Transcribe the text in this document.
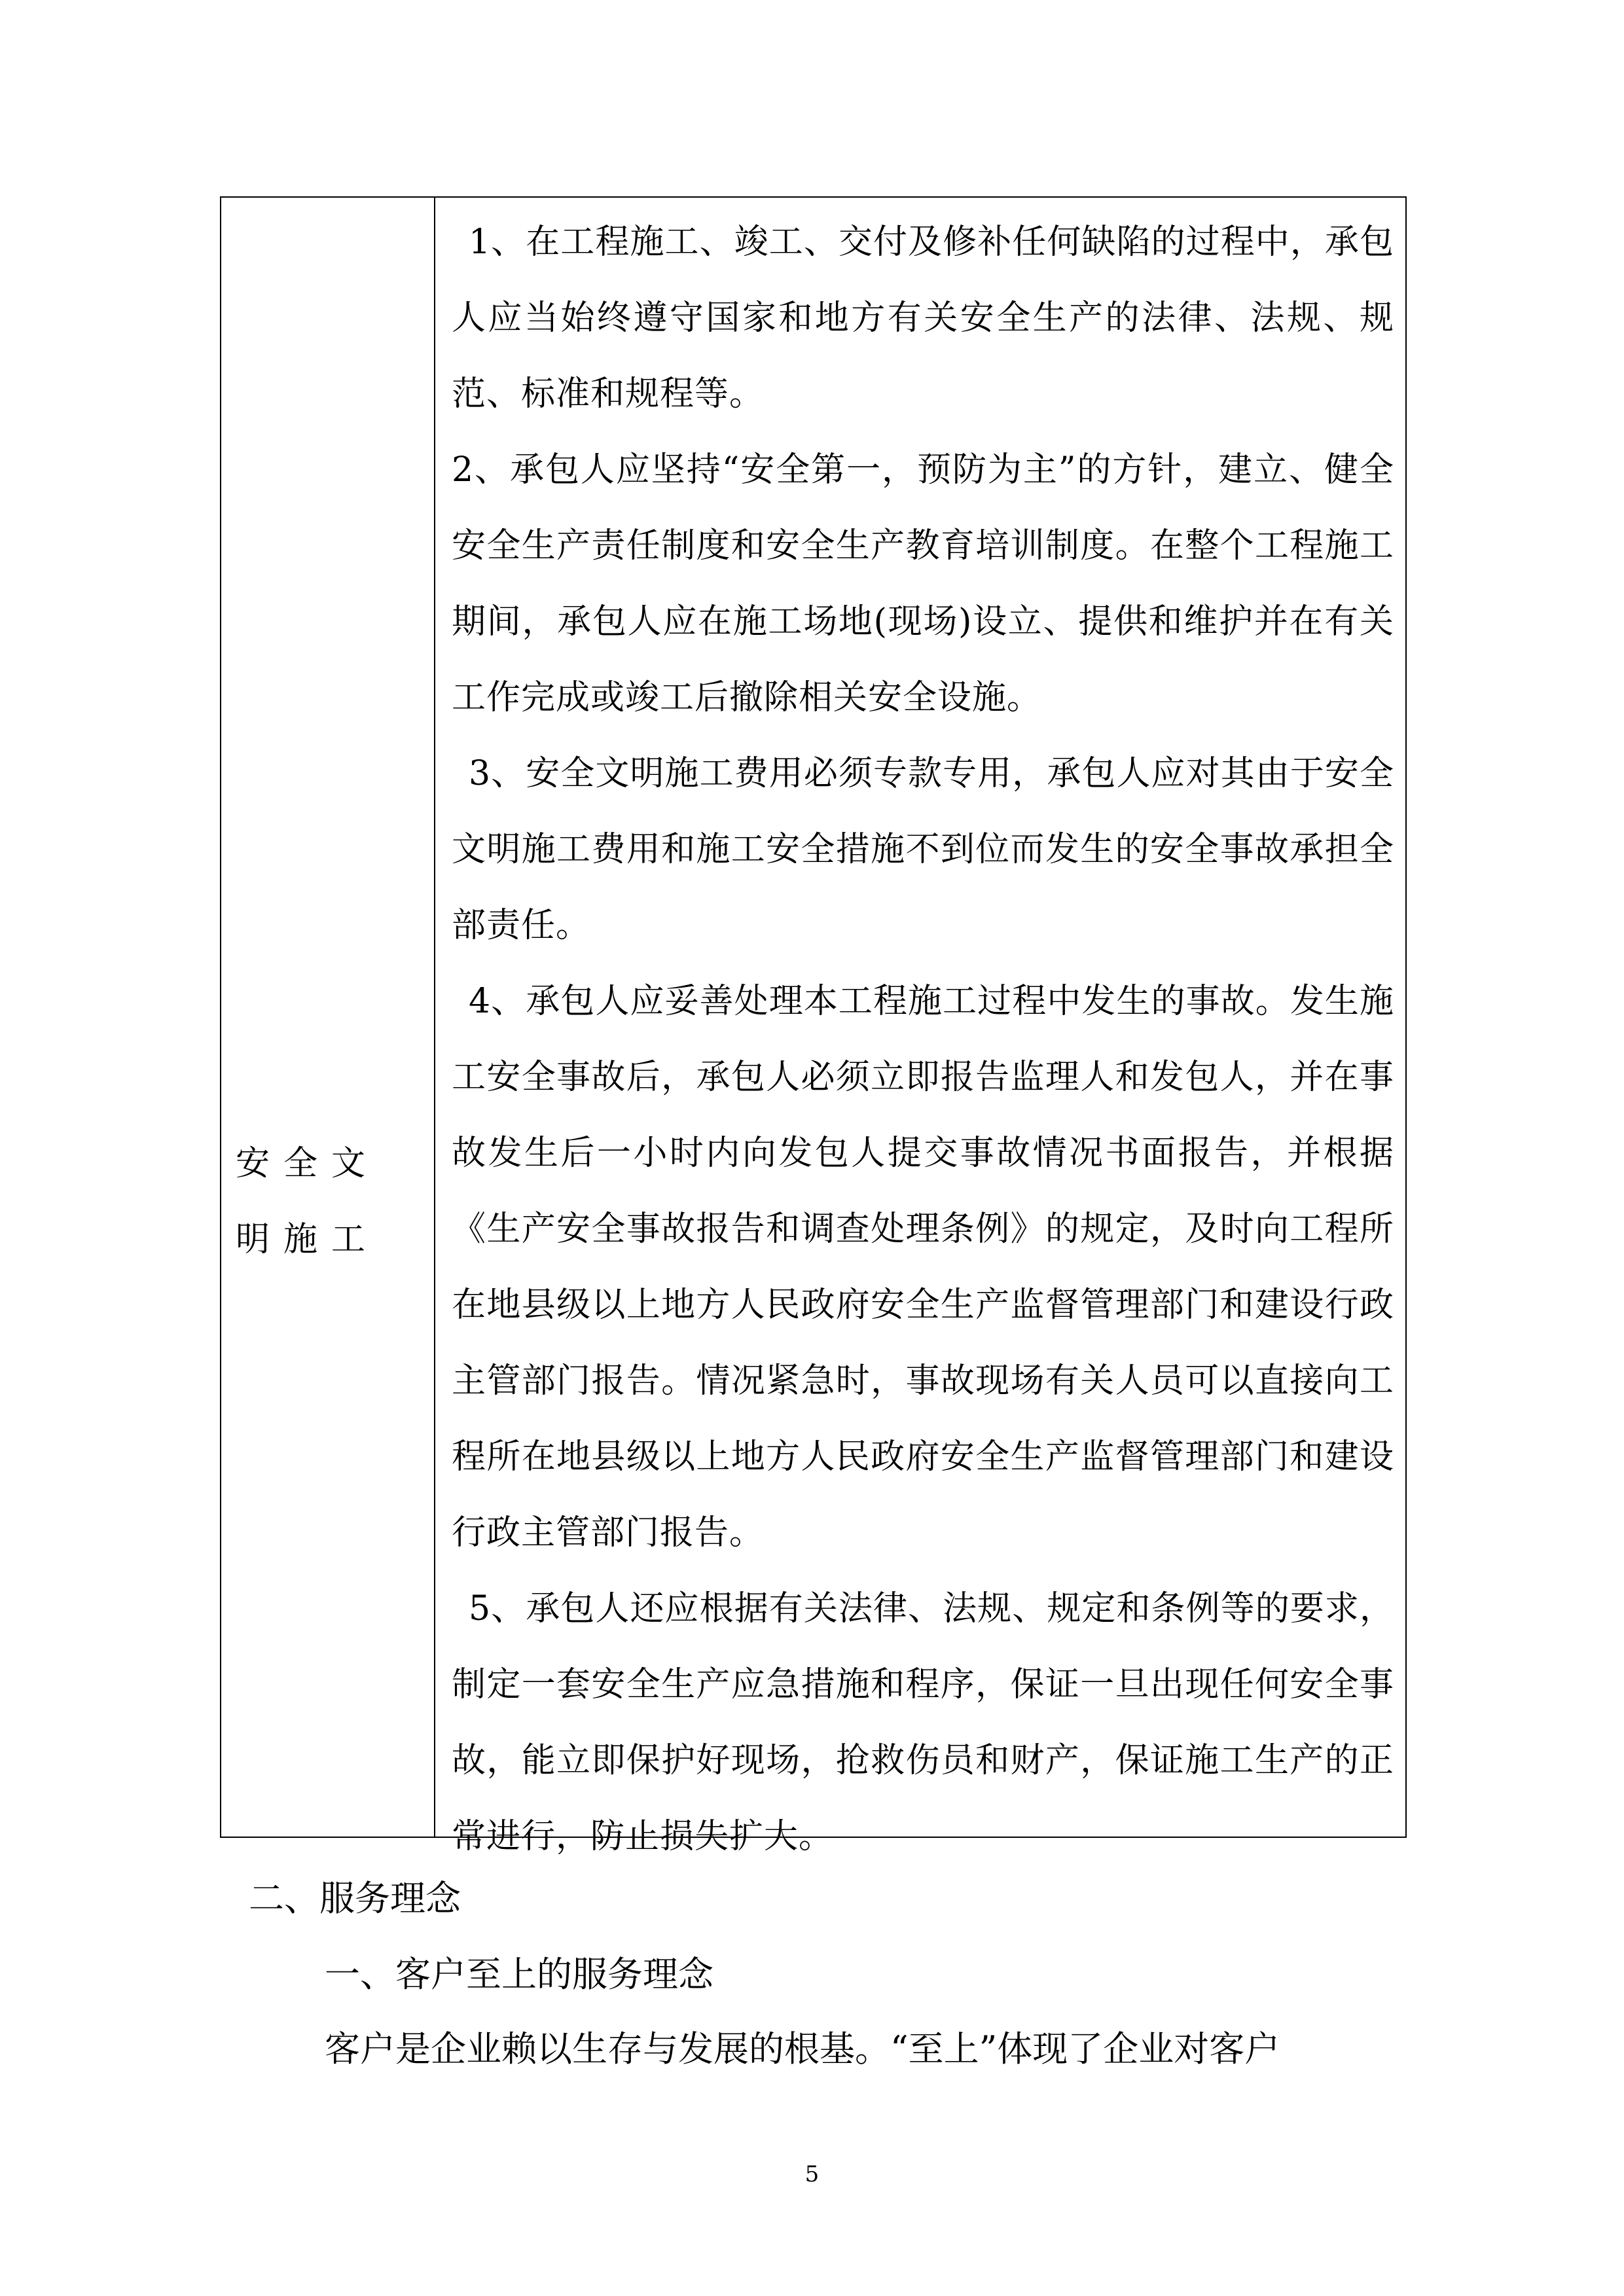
安全文明施工

1、在工程施工、竣工、交付及修补任何缺陷的过程中，承包人应当始终遵守国家和地方有关安全生产的法律、法规、规范、标准和规程等。

2、承包人应坚持“安全第一，预防为主”的方针，建立、健全安全生产责任制度和安全生产教育培训制度。在整个工程施工期间，承包人应在施工场地(现场)设立、提供和维护并在有关工作完成或竣工后撤除相关安全设施。

3、安全文明施工费用必须专款专用，承包人应对其由于安全文明施工费用和施工安全措施不到位而发生的安全事故承担全部责任。

4、承包人应妥善处理本工程施工过程中发生的事故。发生施工安全事故后，承包人必须立即报告监理人和发包人，并在事故发生后一小时内向发包人提交事故情况书面报告，并根据《生产安全事故报告和调查处理条例》的规定，及时向工程所在地县级以上地方人民政府安全生产监督管理部门和建设行政主管部门报告。情况紧急时，事故现场有关人员可以直接向工程所在地县级以上地方人民政府安全生产监督管理部门和建设行政主管部门报告。

5、承包人还应根据有关法律、法规、规定和条例等的要求，制定一套安全生产应急措施和程序，保证一旦出现任何安全事故，能立即保护好现场，抢救伤员和财产，保证施工生产的正常进行，防止损失扩大。

二、服务理念
一、客户至上的服务理念
客户是企业赖以生存与发展的根基。“至上”体现了企业对客户
5
